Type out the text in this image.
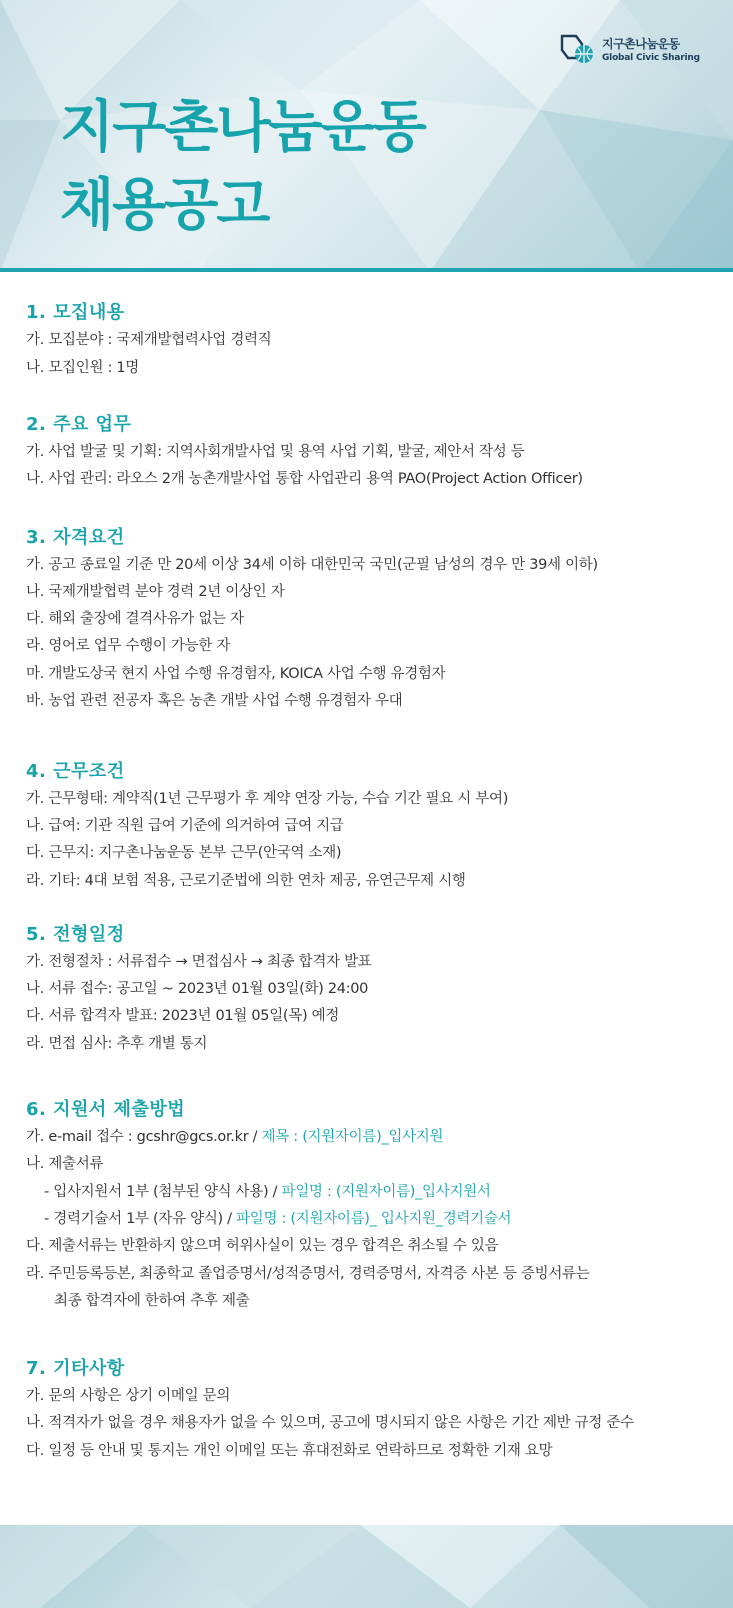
지구촌나눔운동
Global Civic Sharing
지구촌나눔운동
채용공고
1. 모집내용
가. 모집분야 : 국제개발협력사업 경력직
나. 모집인원 : 1명
2. 주요 업무
가. 사업 발굴 및 기획: 지역사회개발사업 및 용역 사업 기획, 발굴, 제안서 작성 등
나. 사업 관리: 라오스 2개 농촌개발사업 통합 사업관리 용역 PAO(Project Action Officer)
3. 자격요건
가. 공고 종료일 기준 만 20세 이상 34세 이하 대한민국 국민(군필 남성의 경우 만 39세 이하)
나. 국제개발협력 분야 경력 2년 이상인 자
다. 해외 출장에 결격사유가 없는 자
라. 영어로 업무 수행이 가능한 자
마. 개발도상국 현지 사업 수행 유경험자, KOICA 사업 수행 유경험자
바. 농업 관련 전공자 혹은 농촌 개발 사업 수행 유경험자 우대
4. 근무조건
가. 근무형태: 계약직(1년 근무평가 후 계약 연장 가능, 수습 기간 필요 시 부여)
나. 급여: 기관 직원 급여 기준에 의거하여 급여 지급
다. 근무지: 지구촌나눔운동 본부 근무(안국역 소재)
라. 기타: 4대 보험 적용, 근로기준법에 의한 연차 제공, 유연근무제 시행
5. 전형일정
가. 전형절차 : 서류접수 → 면접심사 → 최종 합격자 발표
나. 서류 접수: 공고일 ~ 2023년 01월 03일(화) 24:00
다. 서류 합격자 발표: 2023년 01월 05일(목) 예정
라. 면접 심사: 추후 개별 통지
6. 지원서 제출방법
가. e-mail 접수 : gcshr@gcs.or.kr / 제목 : (지원자이름)_입사지원
나. 제출서류
- 입사지원서 1부 (첨부된 양식 사용) / 파일명 : (지원자이름)_입사지원서
- 경력기술서 1부 (자유 양식) / 파일명 : (지원자이름)_ 입사지원_경력기술서
다. 제출서류는 반환하지 않으며 허위사실이 있는 경우 합격은 취소될 수 있음
라. 주민등록등본, 최종학교 졸업증명서/성적증명서, 경력증명서, 자격증 사본 등 증빙서류는
최종 합격자에 한하여 추후 제출
7. 기타사항
가. 문의 사항은 상기 이메일 문의
나. 적격자가 없을 경우 채용자가 없을 수 있으며, 공고에 명시되지 않은 사항은 기간 제반 규정 준수
다. 일정 등 안내 및 통지는 개인 이메일 또는 휴대전화로 연락하므로 정확한 기재 요망
